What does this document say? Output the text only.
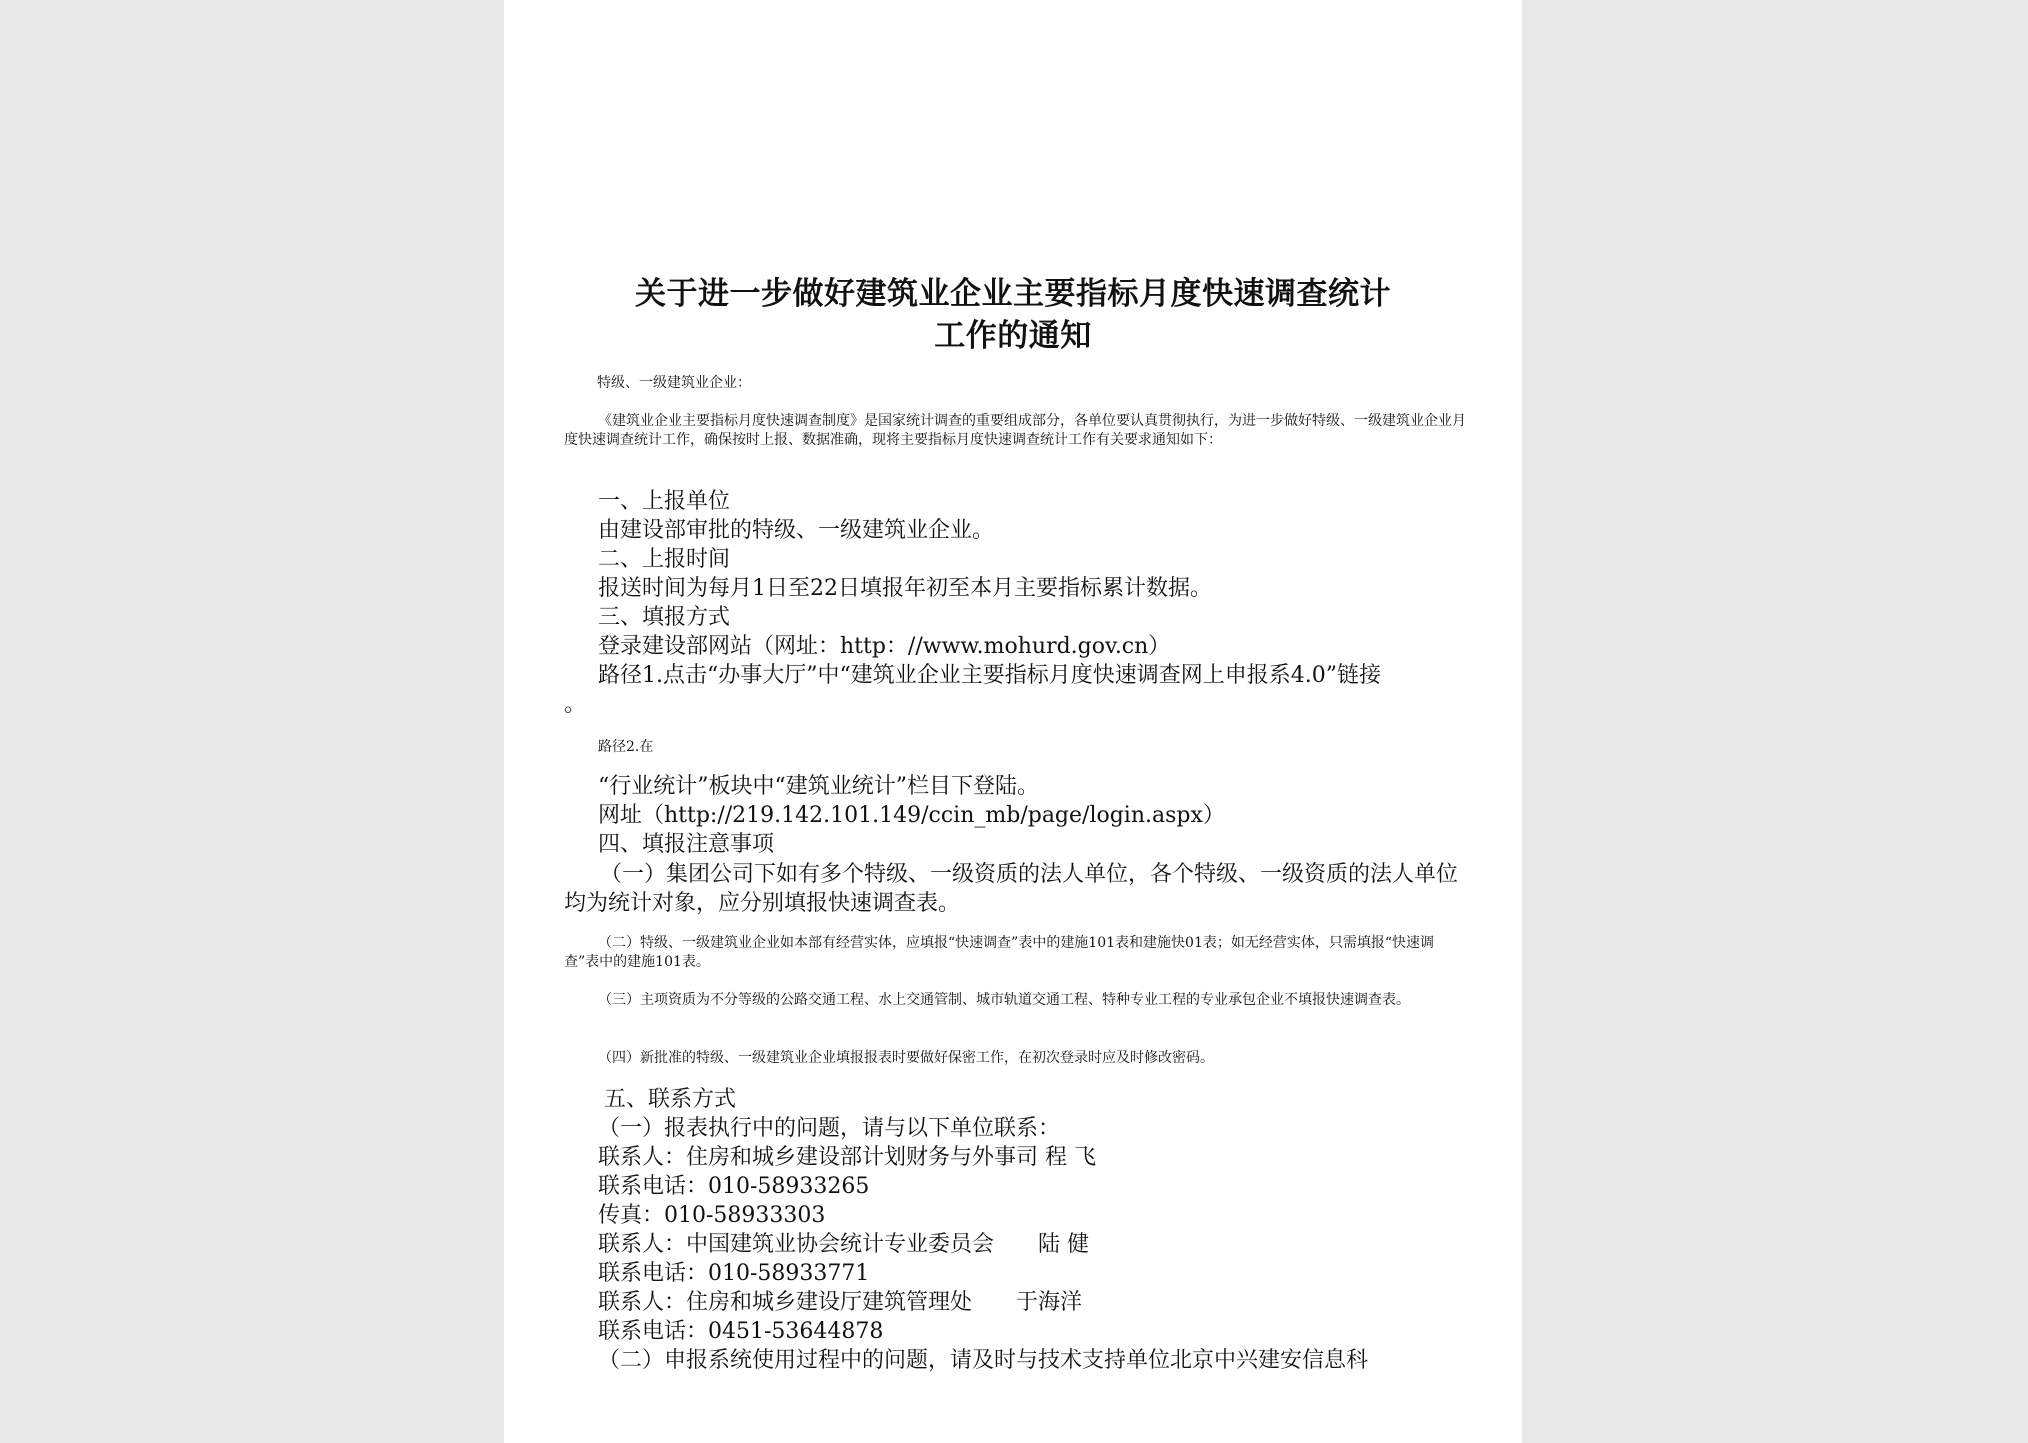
关于进一步做好建筑业企业主要指标月度快速调查统计
工作的通知

特级、一级建筑业企业：

《建筑业企业主要指标月度快速调查制度》是国家统计调查的重要组成部分，各单位要认真贯彻执行，为进一步做好特级、一级建筑业企业月度快速调查统计工作，确保按时上报、数据准确，现将主要指标月度快速调查统计工作有关要求通知如下：

一、上报单位

由建设部审批的特级、一级建筑业企业。

二、上报时间

报送时间为每月1日至22日填报年初至本月主要指标累计数据。

三、填报方式

登录建设部网站（网址：http：//www.mohurd.gov.cn）

路径1.点击“办事大厅”中“建筑业企业主要指标月度快速调查网上申报系4.0”链接

。

路径2.在

“行业统计”板块中“建筑业统计”栏目下登陆。

网址（http://219.142.101.149/ccin_mb/page/login.aspx）

四、填报注意事项

（一）集团公司下如有多个特级、一级资质的法人单位，各个特级、一级资质的法人单位均为统计对象，应分别填报快速调查表。

（二）特级、一级建筑业企业如本部有经营实体，应填报“快速调查”表中的建施101表和建施快01表；如无经营实体，只需填报“快速调查”表中的建施101表。

（三）主项资质为不分等级的公路交通工程、水上交通管制、城市轨道交通工程、特种专业工程的专业承包企业不填报快速调查表。

（四）新批准的特级、一级建筑业企业填报报表时要做好保密工作，在初次登录时应及时修改密码。

五、联系方式

（一）报表执行中的问题，请与以下单位联系：

联系人：住房和城乡建设部计划财务与外事司 程 飞

联系电话：010-58933265

传真：010-58933303

联系人：中国建筑业协会统计专业委员会　　陆 健

联系电话：010-58933771

联系人：住房和城乡建设厅建筑管理处　　于海洋

联系电话：0451-53644878

（二）申报系统使用过程中的问题，请及时与技术支持单位北京中兴建安信息科
